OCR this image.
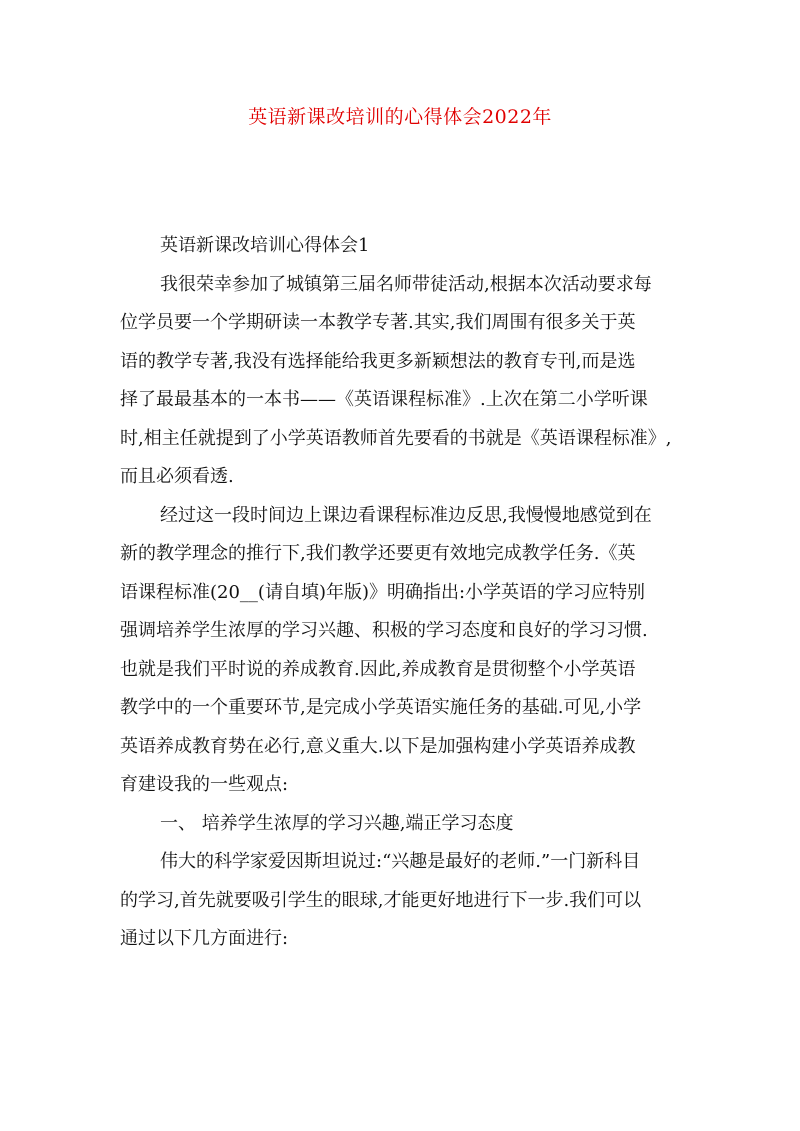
英语新课改培训的心得体会2022年
英语新课改培训心得体会1

我很荣幸参加了城镇第三届名师带徒活动,根据本次活动要求每
位学员要一个学期研读一本教学专著.其实,我们周围有很多关于英
语的教学专著,我没有选择能给我更多新颖想法的教育专刊,而是选
择了最最基本的一本书——《英语课程标准》.上次在第二小学听课
时,相主任就提到了小学英语教师首先要看的书就是《英语课程标准》,
而且必须看透.

经过这一段时间边上课边看课程标准边反思,我慢慢地感觉到在
新的教学理念的推行下,我们教学还要更有效地完成教学任务.《英
语课程标准(20__(请自填)年版)》明确指出:小学英语的学习应特别
强调培养学生浓厚的学习兴趣、积极的学习态度和良好的学习习惯.
也就是我们平时说的养成教育.因此,养成教育是贯彻整个小学英语
教学中的一个重要环节,是完成小学英语实施任务的基础.可见,小学
英语养成教育势在必行,意义重大.以下是加强构建小学英语养成教
育建设我的一些观点:

一、 培养学生浓厚的学习兴趣,端正学习态度

伟大的科学家爱因斯坦说过:“兴趣是最好的老师.”一门新科目
的学习,首先就要吸引学生的眼球,才能更好地进行下一步.我们可以
通过以下几方面进行:
